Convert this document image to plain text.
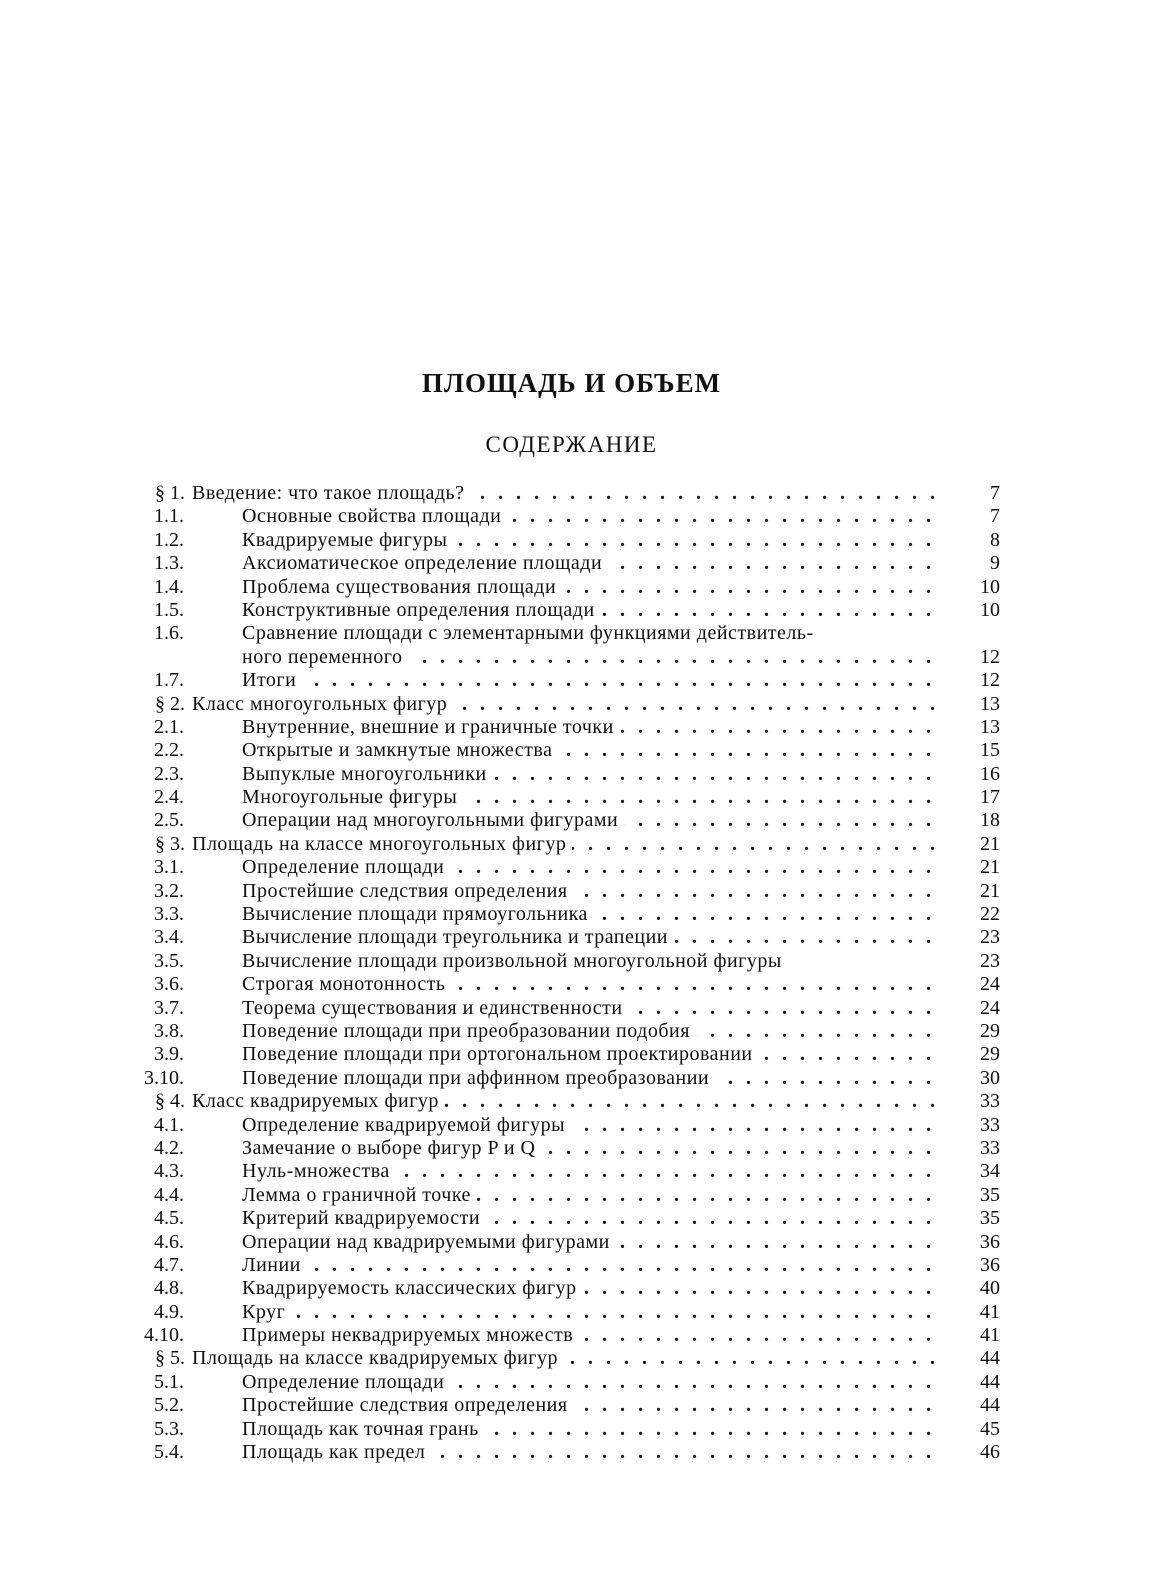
ПЛОЩАДЬ И ОБЪЕМ
СОДЕРЖАНИЕ
§ 1. Введение: что такое площадь? . . .	7
1.1.	Основные свойства площади . . .	7
1.2.	Квадрируемые фигуры . . .	8
1.3.	Аксиоматическое определение площади . . .	9
1.4.	Проблема существования площади . . .	10
1.5.	Конструктивные определения площади . . .	10
1.6.	Сравнение площади с элементарными функциями действитель-
ного переменного . . .	12
1.7.	Итоги . . .	12
§ 2. Класс многоугольных фигур . . .	13
2.1.	Внутренние, внешние и граничные точки . . .	13
2.2.	Открытые и замкнутые множества . . .	15
2.3.	Выпуклые многоугольники . . .	16
2.4.	Многоугольные фигуры . . .	17
2.5.	Операции над многоугольными фигурами . . .	18
§ 3. Площадь на классе многоугольных фигур . . .	21
3.1.	Определение площади . . .	21
3.2.	Простейшие следствия определения . . .	21
3.3.	Вычисление площади прямоугольника . . .	22
3.4.	Вычисление площади треугольника и трапеции . . .	23
3.5.	Вычисление площади произвольной многоугольной фигуры	23
3.6.	Строгая монотонность . . .	24
3.7.	Теорема существования и единственности . . .	24
3.8.	Поведение площади при преобразовании подобия . . .	29
3.9.	Поведение площади при ортогональном проектировании . . .	29
3.10.	Поведение площади при аффинном преобразовании . . .	30
§ 4. Класс квадрируемых фигур . . .	33
4.1.	Определение квадрируемой фигуры . . .	33
4.2.	Замечание о выборе фигур P и Q . . .	33
4.3.	Нуль-множества . . .	34
4.4.	Лемма о граничной точке . . .	35
4.5.	Критерий квадрируемости . . .	35
4.6.	Операции над квадрируемыми фигурами . . .	36
4.7.	Линии . . .	36
4.8.	Квадрируемость классических фигур . . .	40
4.9.	Круг . . .	41
4.10.	Примеры неквадрируемых множеств . . .	41
§ 5. Площадь на классе квадрируемых фигур . . .	44
5.1.	Определение площади . . .	44
5.2.	Простейшие следствия определения . . .	44
5.3.	Площадь как точная грань . . .	45
5.4.	Площадь как предел . . .	46
